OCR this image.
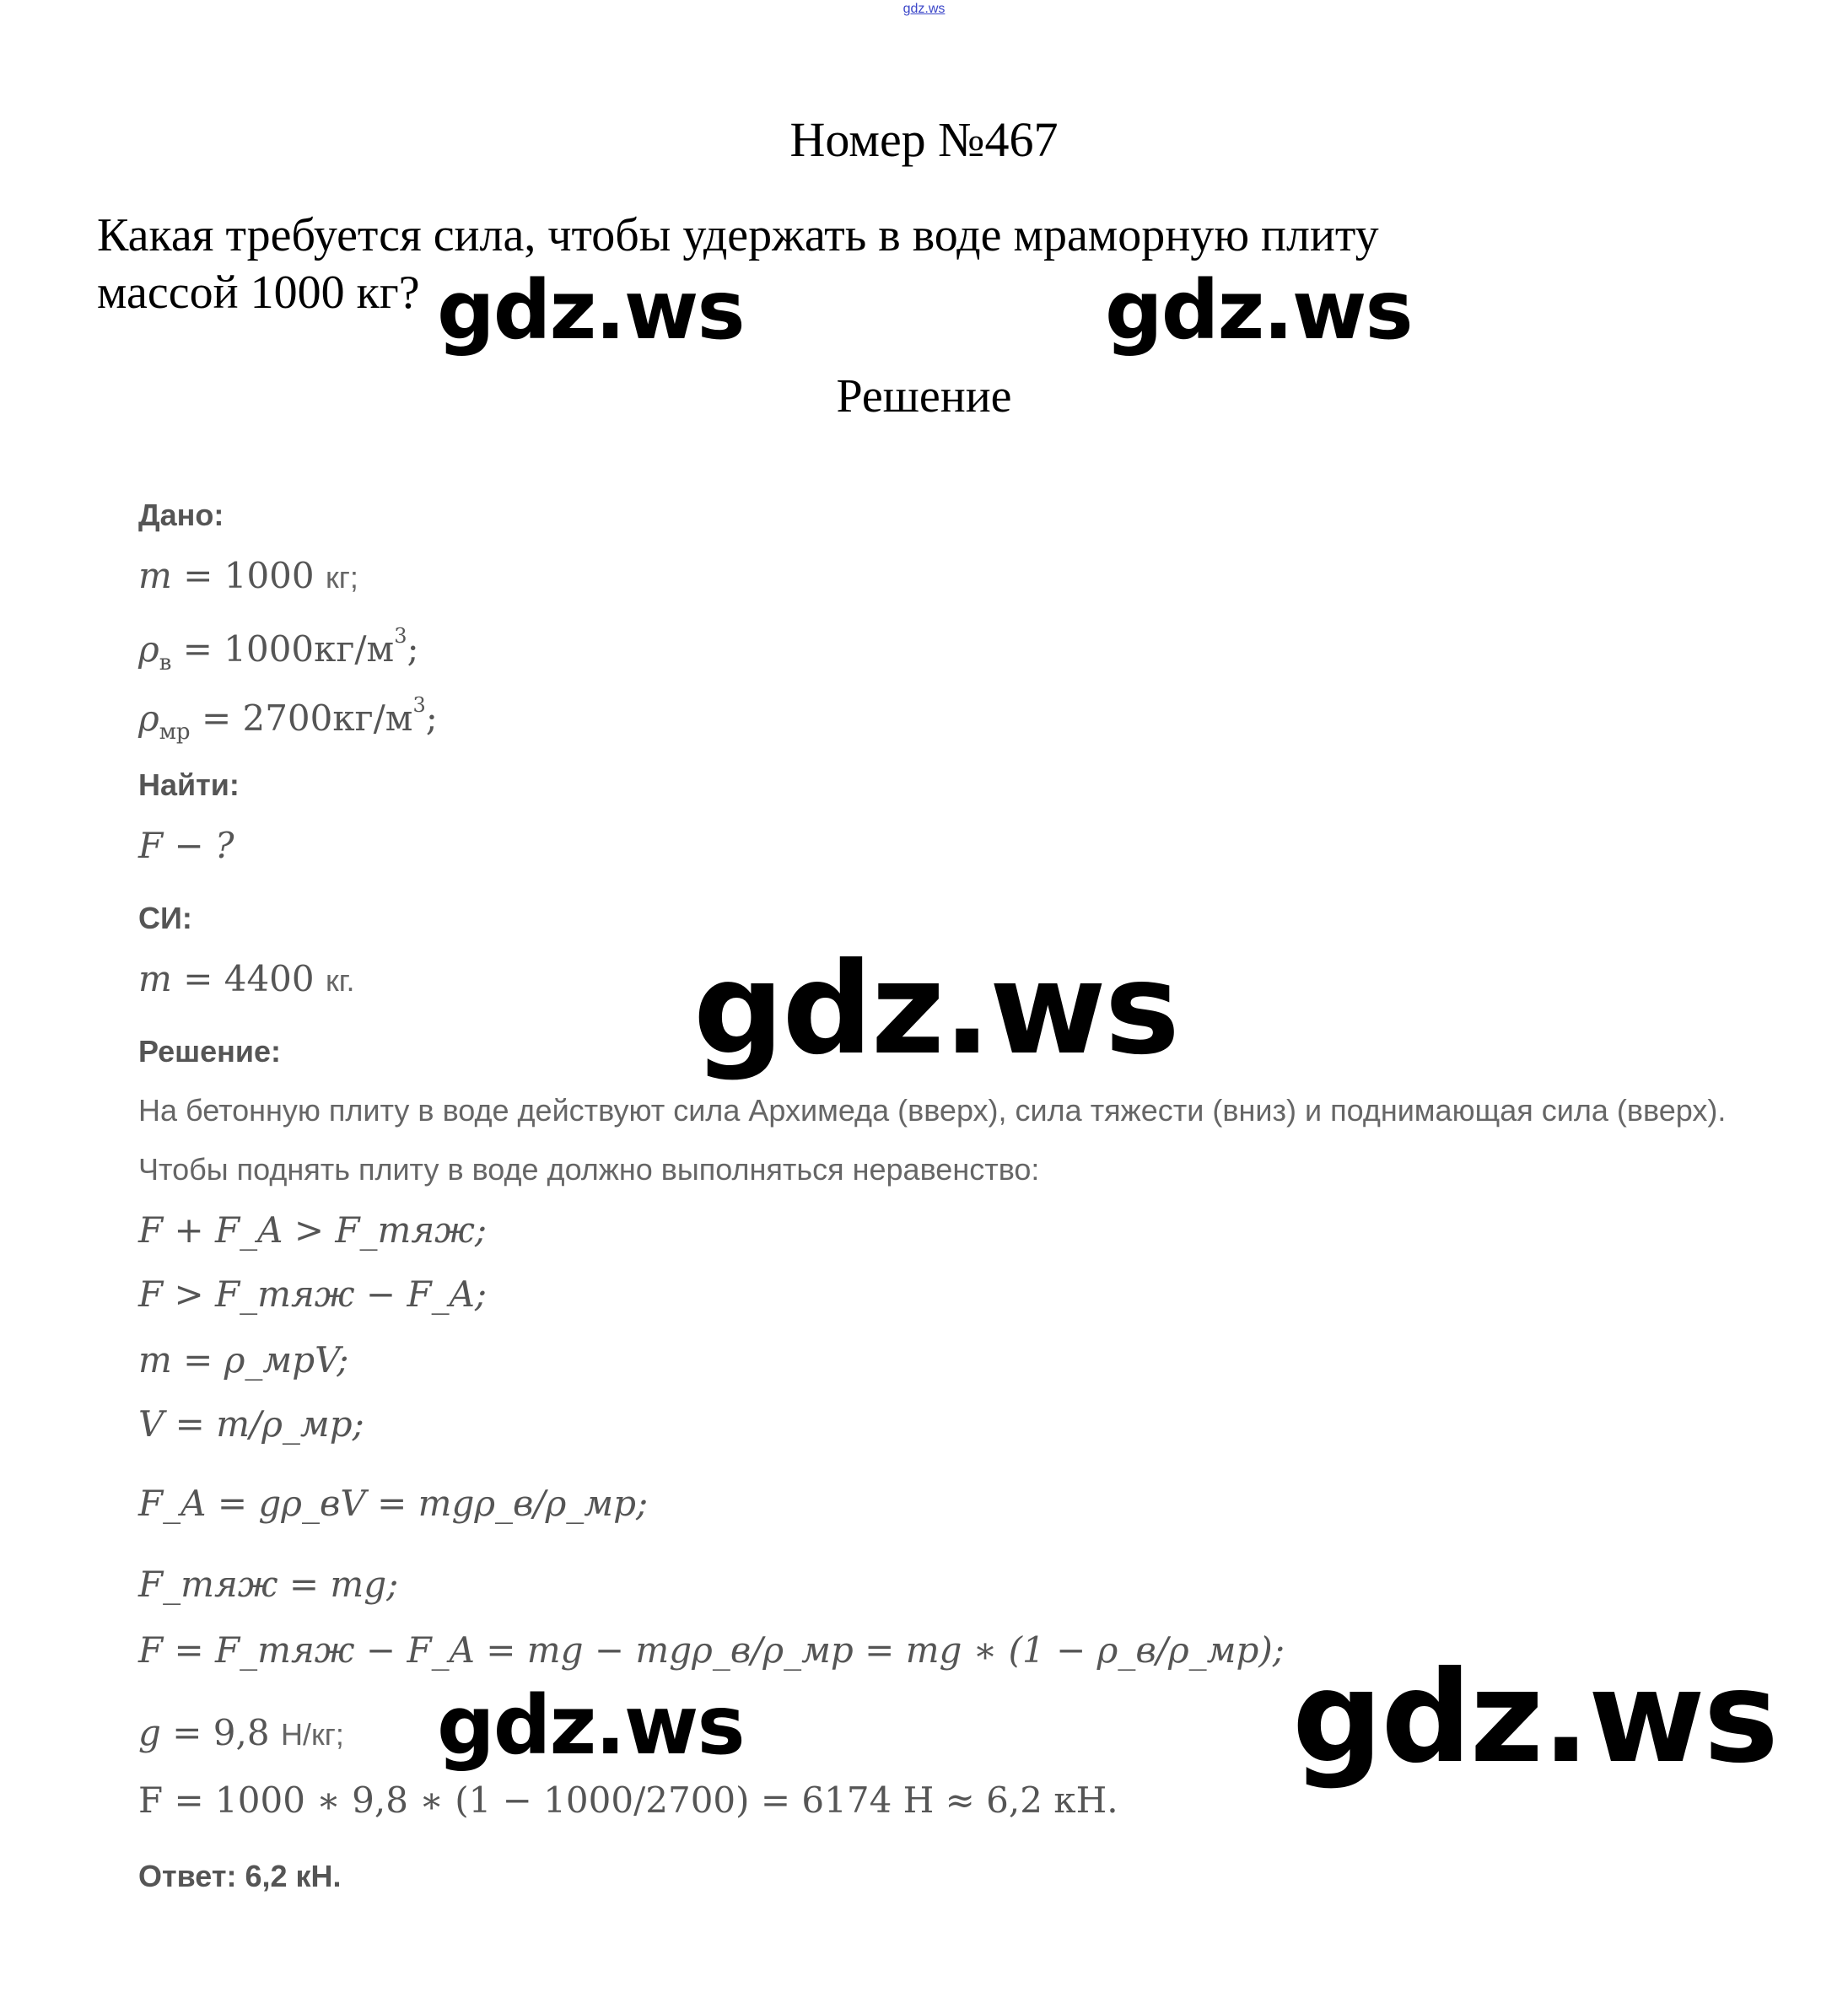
gdz.ws
Номер №467
Какая требуется сила, чтобы удержать в воде мраморную плиту массой 1000 кг?
Решение
Дано:
m = 1000 кг;
$\rho_в = 1000кг/м^3$;
$\rho_{мр} = 2700кг/м^3$;
Найти:
F − ?
СИ:
m = 4400 кг.
Решение:
На бетонную плиту в воде действуют сила Архимеда (вверх), сила тяжести (вниз) и поднимающая сила (вверх).
Чтобы поднять плиту в воде должно выполняться неравенство:
F + F_A > F_тяж;
F > F_тяж − F_A;
m = ρ_мрV;
V = m/ρ_мр;
F_A = gρ_вV = mgρ_в/ρ_мр;
F_тяж = mg;
F = F_тяж − F_A = mg − mgρ_в/ρ_мр = mg ∗ (1 − ρ_в/ρ_мр);
g = 9,8 Н/кг;
F = 1000 ∗ 9,8 ∗ (1 − 1000/2700) = 6174 Н ≈ 6,2 кН.
Ответ: 6,2 кН.
gdz.ws	gdz.ws
gdz.ws
gdz.ws	gdz.ws
